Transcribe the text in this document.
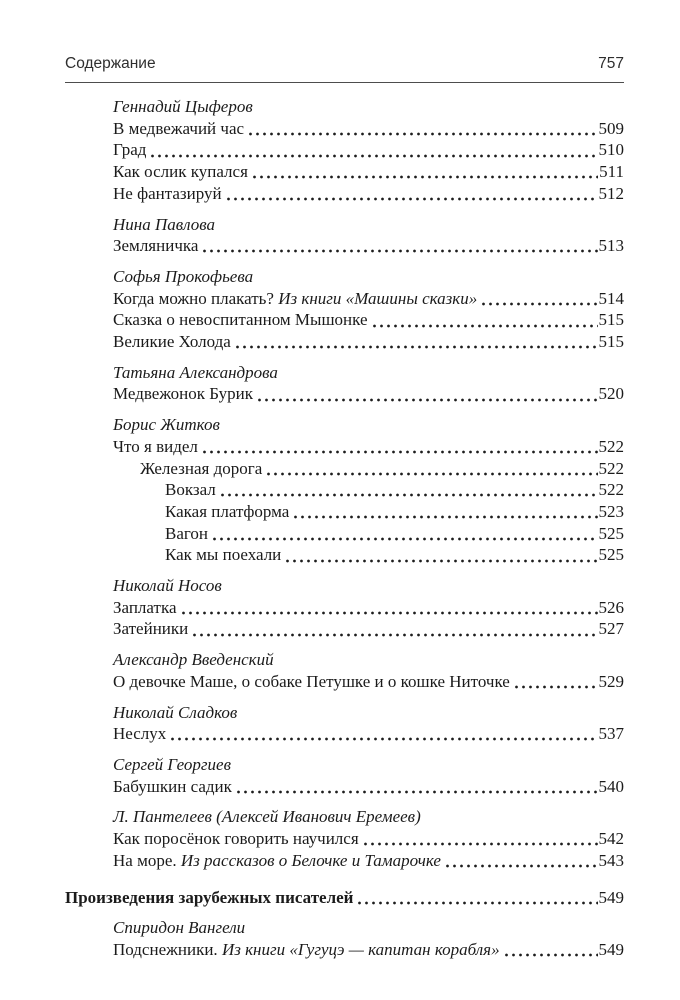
Содержание	757
Геннадий Цыферов
В медвежачий час	509
Град	510
Как ослик купался	511
Не фантазируй	512
Нина Павлова
Земляничка	513
Софья Прокофьева
Когда можно плакать? Из книги «Машины сказки»	514
Сказка о невоспитанном Мышонке	515
Великие Холода	515
Татьяна Александрова
Медвежонок Бурик	520
Борис Житков
Что я видел	522
Железная дорога	522
Вокзал	522
Какая платформа	523
Вагон	525
Как мы поехали	525
Николай Носов
Заплатка	526
Затейники	527
Александр Введенский
О девочке Маше, о собаке Петушке и о кошке Ниточке	529
Николай Сладков
Неслух	537
Сергей Георгиев
Бабушкин садик	540
Л. Пантелеев (Алексей Иванович Еремеев)
Как поросёнок говорить научился	542
На море. Из рассказов о Белочке и Тамарочке	543
Произведения зарубежных писателей	549
Спиридон Вангели
Подснежники. Из книги «Гугуцэ — капитан корабля»	549
